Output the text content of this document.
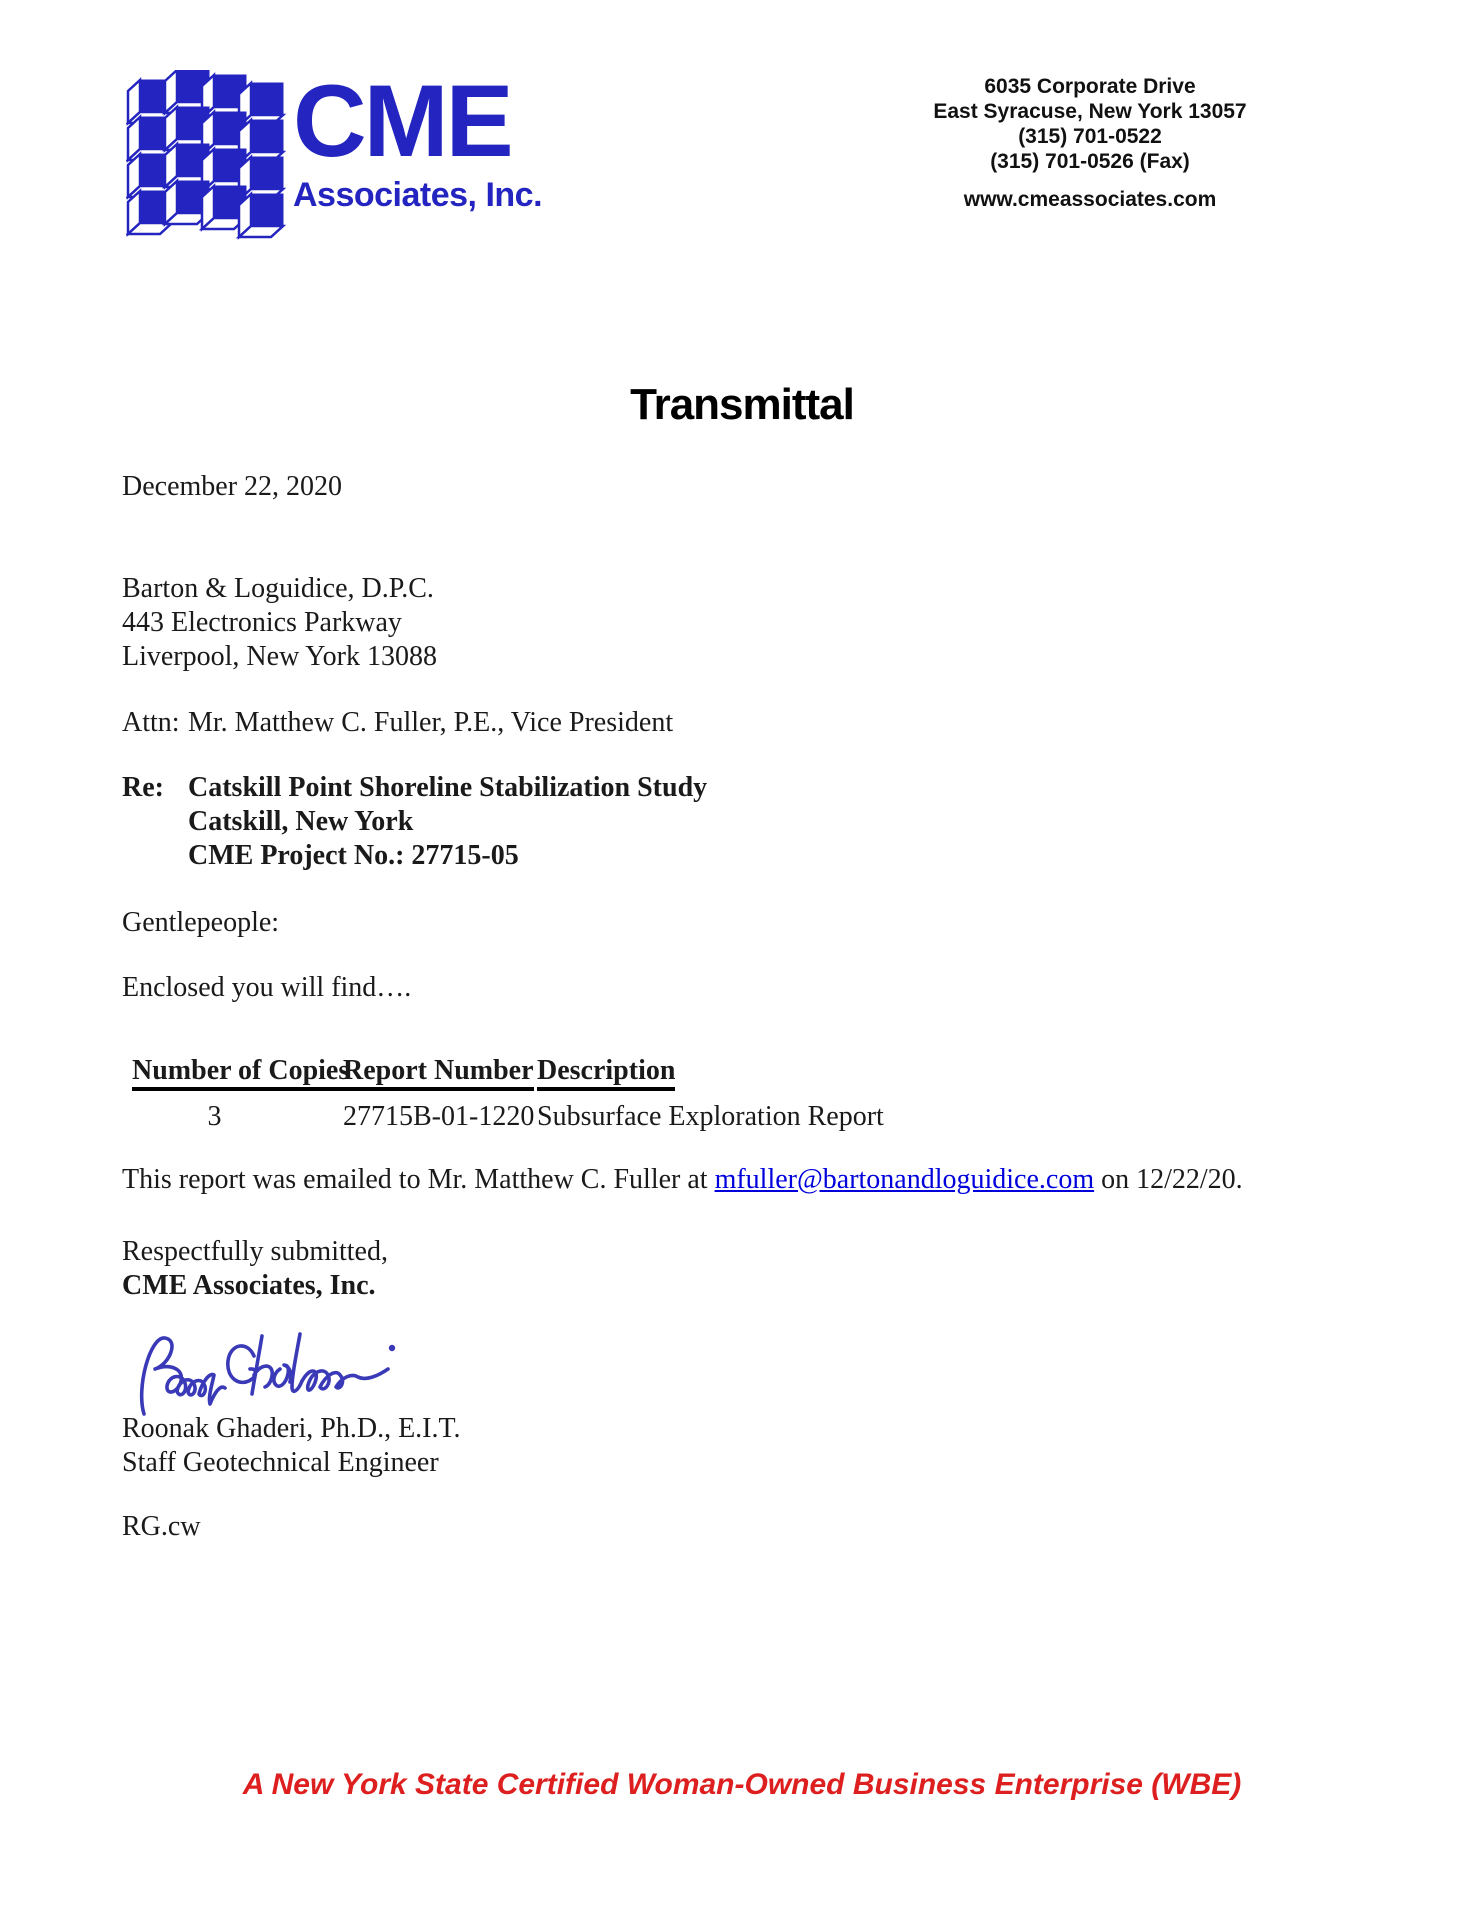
CME
Associates, Inc.
6035 Corporate Drive
East Syracuse, New York 13057
(315) 701-0522
(315) 701-0526 (Fax)
www.cmeassociates.com
Transmittal
December 22, 2020
Barton & Loguidice, D.P.C.
443 Electronics Parkway
Liverpool, New York 13088
Attn: Mr. Matthew C. Fuller, P.E., Vice President
Re: Catskill Point Shoreline Stabilization Study
Catskill, New York
CME Project No.: 27715-05
Gentlepeople:
Enclosed you will find….
Number of Copies
Report Number Description
3	27715B-01-1220 Subsurface Exploration Report
This report was emailed to Mr. Matthew C. Fuller at mfuller@bartonandloguidice.com on 12/22/20.
Respectfully submitted,
CME Associates, Inc.
Roonak Ghaderi, Ph.D., E.I.T.
Staff Geotechnical Engineer
RG.cw
A New York State Certified Woman-Owned Business Enterprise (WBE)
